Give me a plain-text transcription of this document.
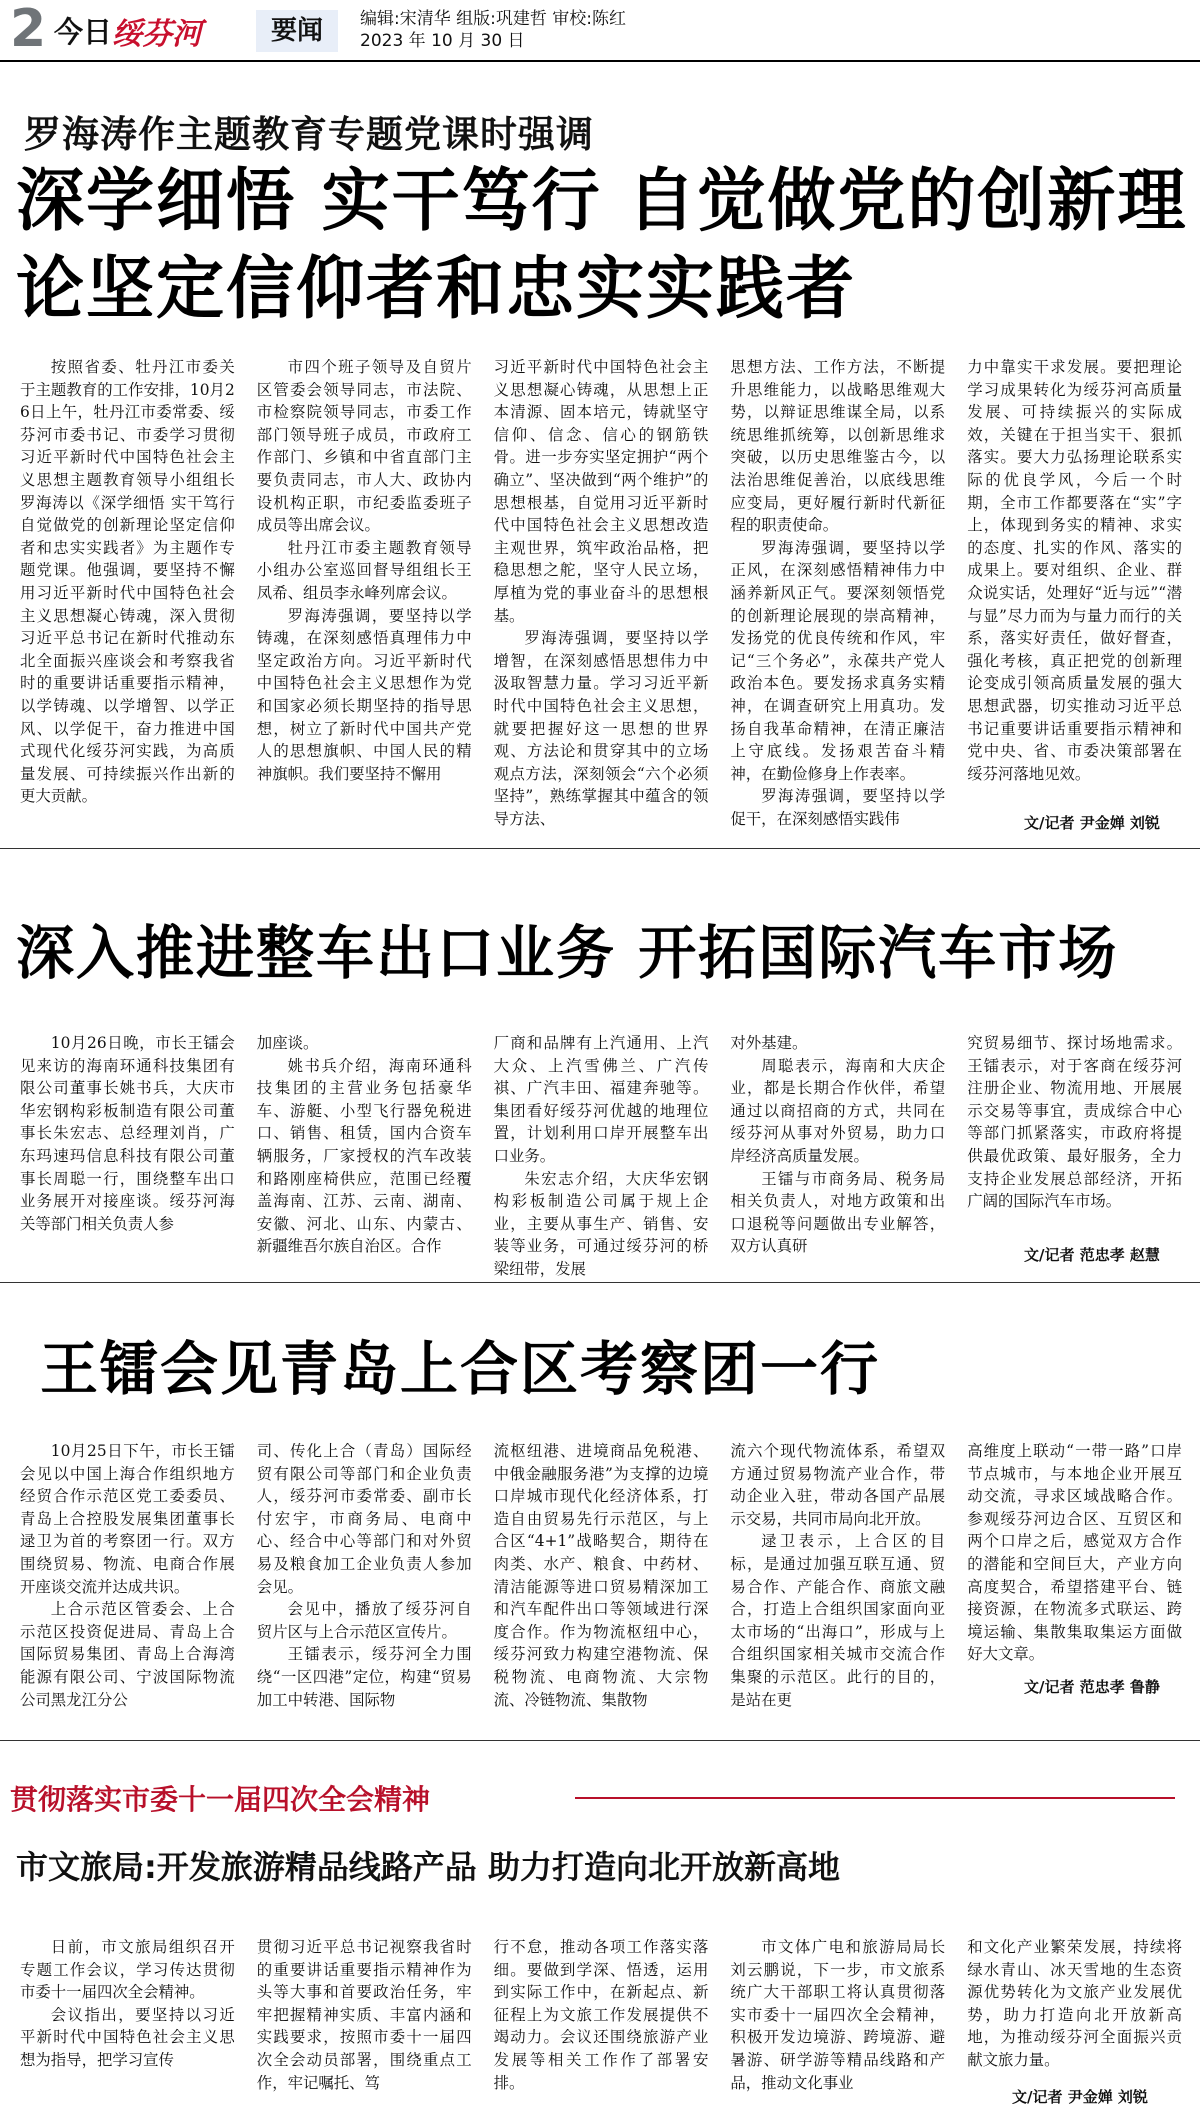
2 今日 绥芬河	要闻	编辑:宋清华 组版:巩建哲 审校:陈红
2023 年 10 月 30 日
罗海涛作主题教育专题党课时强调
深学细悟 实干笃行 自觉做党的创新理论坚定信仰者和忠实实践者

按照省委、牡丹江市委关于主题教育的工作安排，10月26日上午，牡丹江市委常委、绥芬河市委书记、市委学习贯彻习近平新时代中国特色社会主义思想主题教育领导小组组长罗海涛以《深学细悟 实干笃行 自觉做党的创新理论坚定信仰者和忠实实践者》为主题作专题党课。他强调，要坚持不懈用习近平新时代中国特色社会主义思想凝心铸魂，深入贯彻习近平总书记在新时代推动东北全面振兴座谈会和考察我省时的重要讲话重要指示精神，以学铸魂、以学增智、以学正风、以学促干，奋力推进中国式现代化绥芬河实践，为高质量发展、可持续振兴作出新的更大贡献。

市四个班子领导及自贸片区管委会领导同志，市法院、市检察院领导同志，市委工作部门领导班子成员，市政府工作部门、乡镇和中省直部门主要负责同志，市人大、政协内设机构正职，市纪委监委班子成员等出席会议。

牡丹江市委主题教育领导小组办公室巡回督导组组长王凤希、组员李永峰列席会议。

罗海涛强调，要坚持以学铸魂，在深刻感悟真理伟力中坚定政治方向。习近平新时代中国特色社会主义思想作为党和国家必须长期坚持的指导思想，树立了新时代中国共产党人的思想旗帜、中国人民的精神旗帜。我们要坚持不懈用

习近平新时代中国特色社会主义思想凝心铸魂，从思想上正本清源、固本培元，铸就坚守信仰、信念、信心的钢筋铁骨。进一步夯实坚定拥护“两个确立”、坚决做到“两个维护”的思想根基，自觉用习近平新时代中国特色社会主义思想改造主观世界，筑牢政治品格，把稳思想之舵，坚守人民立场，厚植为党的事业奋斗的思想根基。

罗海涛强调，要坚持以学增智，在深刻感悟思想伟力中汲取智慧力量。学习习近平新时代中国特色社会主义思想，就要把握好这一思想的世界观、方法论和贯穿其中的立场观点方法，深刻领会“六个必须坚持”，熟练掌握其中蕴含的领导方法、

思想方法、工作方法，不断提升思维能力，以战略思维观大势，以辩证思维谋全局，以系统思维抓统筹，以创新思维求突破，以历史思维鉴古今，以法治思维促善治，以底线思维应变局，更好履行新时代新征程的职责使命。

罗海涛强调，要坚持以学正风，在深刻感悟精神伟力中涵养新风正气。要深刻领悟党的创新理论展现的崇高精神，发扬党的优良传统和作风，牢记“三个务必”，永葆共产党人政治本色。要发扬求真务实精神，在调查研究上用真功。发扬自我革命精神，在清正廉洁上守底线。发扬艰苦奋斗精神，在勤俭修身上作表率。

罗海涛强调，要坚持以学促干，在深刻感悟实践伟

力中靠实干求发展。要把理论学习成果转化为绥芬河高质量发展、可持续振兴的实际成效，关键在于担当实干、狠抓落实。要大力弘扬理论联系实际的优良学风，今后一个时期，全市工作都要落在“实”字上，体现到务实的精神、求实的态度、扎实的作风、落实的成果上。要对组织、企业、群众说实话，处理好“近与远”“潜与显”尽力而为与量力而行的关系，落实好责任，做好督查，强化考核，真正把党的创新理论变成引领高质量发展的强大思想武器，切实推动习近平总书记重要讲话重要指示精神和党中央、省、市委决策部署在绥芬河落地见效。

文/记者 尹金婵 刘锐
深入推进整车出口业务 开拓国际汽车市场

10月26日晚，市长王镭会见来访的海南环通科技集团有限公司董事长姚书兵，大庆市华宏钢构彩板制造有限公司董事长朱宏志、总经理刘肖，广东玛速玛信息科技有限公司董事长周聪一行，围绕整车出口业务展开对接座谈。绥芬河海关等部门相关负责人参

加座谈。

姚书兵介绍，海南环通科技集团的主营业务包括豪华车、游艇、小型飞行器免税进口、销售、租赁，国内合资车辆服务，厂家授权的汽车改装和路刚座椅供应，范围已经覆盖海南、江苏、云南、湖南、安徽、河北、山东、内蒙古、新疆维吾尔族自治区。合作

厂商和品牌有上汽通用、上汽大众、上汽雪佛兰、广汽传祺、广汽丰田、福建奔驰等。集团看好绥芬河优越的地理位置，计划利用口岸开展整车出口业务。

朱宏志介绍，大庆华宏钢构彩板制造公司属于规上企业，主要从事生产、销售、安装等业务，可通过绥芬河的桥梁纽带，发展

对外基建。

周聪表示，海南和大庆企业，都是长期合作伙伴，希望通过以商招商的方式，共同在绥芬河从事对外贸易，助力口岸经济高质量发展。

王镭与市商务局、税务局相关负责人，对地方政策和出口退税等问题做出专业解答，双方认真研

究贸易细节、探讨场地需求。王镭表示，对于客商在绥芬河注册企业、物流用地、开展展示交易等事宜，责成综合中心等部门抓紧落实，市政府将提供最优政策、最好服务，全力支持企业发展总部经济，开拓广阔的国际汽车市场。

文/记者 范忠孝 赵慧
王镭会见青岛上合区考察团一行

10月25日下午，市长王镭会见以中国上海合作组织地方经贸合作示范区党工委委员、青岛上合控股发展集团董事长逯卫为首的考察团一行。双方围绕贸易、物流、电商合作展开座谈交流并达成共识。

上合示范区管委会、上合示范区投资促进局、青岛上合国际贸易集团、青岛上合海湾能源有限公司、宁波国际物流公司黑龙江分公

司、传化上合（青岛）国际经贸有限公司等部门和企业负责人，绥芬河市委常委、副市长付宏宇，市商务局、电商中心、经合中心等部门和对外贸易及粮食加工企业负责人参加会见。

会见中，播放了绥芬河自贸片区与上合示范区宣传片。

王镭表示，绥芬河全力围绕“一区四港”定位，构建“贸易加工中转港、国际物

流枢纽港、进境商品免税港、中俄金融服务港”为支撑的边境口岸城市现代化经济体系，打造自由贸易先行示范区，与上合区“4+1”战略契合，期待在肉类、水产、粮食、中药材、清洁能源等进口贸易精深加工和汽车配件出口等领域进行深度合作。作为物流枢纽中心，绥芬河致力构建空港物流、保税物流、电商物流、大宗物流、冷链物流、集散物

流六个现代物流体系，希望双方通过贸易物流产业合作，带动企业入驻，带动各国产品展示交易，共同市局向北开放。

逯卫表示，上合区的目标，是通过加强互联互通、贸易合作、产能合作、商旅文融合，打造上合组织国家面向亚太市场的“出海口”，形成与上合组织国家相关城市交流合作集聚的示范区。此行的目的，是站在更

高维度上联动“一带一路”口岸节点城市，与本地企业开展互动交流，寻求区域战略合作。参观绥芬河边合区、互贸区和两个口岸之后，感觉双方合作的潜能和空间巨大，产业方向高度契合，希望搭建平台、链接资源，在物流多式联运、跨境运输、集散集取集运方面做好大文章。

文/记者 范忠孝 鲁静
贯彻落实市委十一届四次全会精神
市文旅局:开发旅游精品线路产品 助力打造向北开放新高地

日前，市文旅局组织召开专题工作会议，学习传达贯彻市委十一届四次全会精神。

会议指出，要坚持以习近平新时代中国特色社会主义思想为指导，把学习宣传

贯彻习近平总书记视察我省时的重要讲话重要指示精神作为头等大事和首要政治任务，牢牢把握精神实质、丰富内涵和实践要求，按照市委十一届四次全会动员部署，围绕重点工作，牢记嘱托、笃

行不怠，推动各项工作落实落细。要做到学深、悟透，运用到实际工作中，在新起点、新征程上为文旅工作发展提供不竭动力。会议还围绕旅游产业发展等相关工作作了部署安排。

市文体广电和旅游局局长刘云鹏说，下一步，市文旅系统广大干部职工将认真贯彻落实市委十一届四次全会精神，积极开发边境游、跨境游、避暑游、研学游等精品线路和产品，推动文化事业

和文化产业繁荣发展，持续将绿水青山、冰天雪地的生态资源优势转化为文旅产业发展优势，助力打造向北开放新高地，为推动绥芬河全面振兴贡献文旅力量。

文/记者 尹金婵 刘锐
